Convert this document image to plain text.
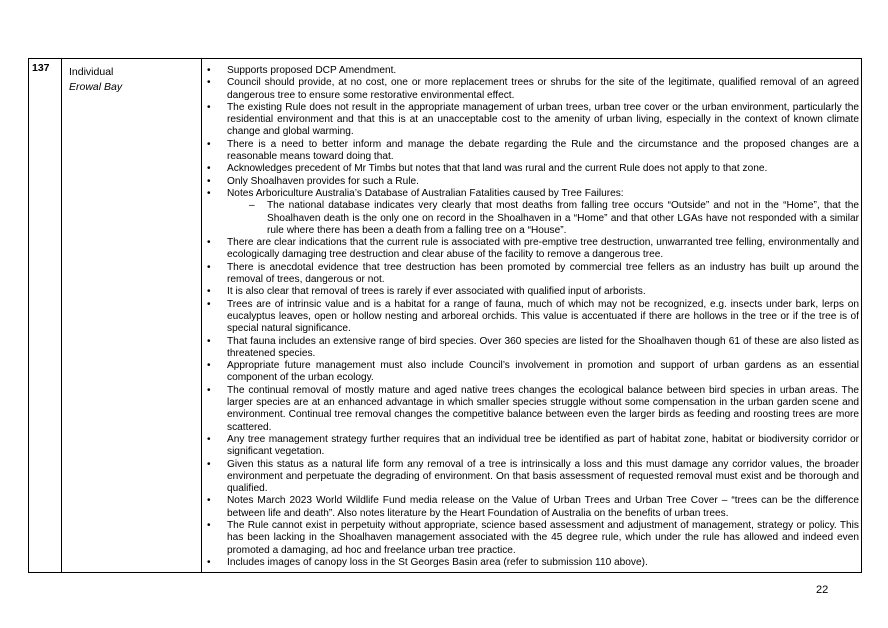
137 Individual
Erowal Bay
• Supports proposed DCP Amendment.
• Council should provide, at no cost, one or more replacement trees or shrubs for the site of the legitimate, qualified removal of an agreed dangerous tree to ensure some restorative environmental effect.
• The existing Rule does not result in the appropriate management of urban trees, urban tree cover or the urban environment, particularly the residential environment and that this is at an unacceptable cost to the amenity of urban living, especially in the context of known climate change and global warming.
• There is a need to better inform and manage the debate regarding the Rule and the circumstance and the proposed changes are a reasonable means toward doing that.
• Acknowledges precedent of Mr Timbs but notes that that land was rural and the current Rule does not apply to that zone.
• Only Shoalhaven provides for such a Rule.
• Notes Arboriculture Australia’s Database of Australian Fatalities caused by Tree Failures:
– The national database indicates very clearly that most deaths from falling tree occurs “Outside” and not in the “Home”, that the Shoalhaven death is the only one on record in the Shoalhaven in a “Home” and that other LGAs have not responded with a similar rule where there has been a death from a falling tree on a “House”.
• There are clear indications that the current rule is associated with pre-emptive tree destruction, unwarranted tree felling, environmentally and ecologically damaging tree destruction and clear abuse of the facility to remove a dangerous tree.
• There is anecdotal evidence that tree destruction has been promoted by commercial tree fellers as an industry has built up around the removal of trees, dangerous or not.
• It is also clear that removal of trees is rarely if ever associated with qualified input of arborists.
• Trees are of intrinsic value and is a habitat for a range of fauna, much of which may not be recognized, e.g. insects under bark, lerps on eucalyptus leaves, open or hollow nesting and arboreal orchids. This value is accentuated if there are hollows in the tree or if the tree is of special natural significance.
• That fauna includes an extensive range of bird species. Over 360 species are listed for the Shoalhaven though 61 of these are also listed as threatened species.
• Appropriate future management must also include Council’s involvement in promotion and support of urban gardens as an essential component of the urban ecology.
• The continual removal of mostly mature and aged native trees changes the ecological balance between bird species in urban areas. The larger species are at an enhanced advantage in which smaller species struggle without some compensation in the urban garden scene and environment. Continual tree removal changes the competitive balance between even the larger birds as feeding and roosting trees are more scattered.
• Any tree management strategy further requires that an individual tree be identified as part of habitat zone, habitat or biodiversity corridor or significant vegetation.
• Given this status as a natural life form any removal of a tree is intrinsically a loss and this must damage any corridor values, the broader environment and perpetuate the degrading of environment. On that basis assessment of requested removal must exist and be thorough and qualified.
• Notes March 2023 World Wildlife Fund media release on the Value of Urban Trees and Urban Tree Cover – “trees can be the difference between life and death”. Also notes literature by the Heart Foundation of Australia on the benefits of urban trees.
• The Rule cannot exist in perpetuity without appropriate, science based assessment and adjustment of management, strategy or policy. This has been lacking in the Shoalhaven management associated with the 45 degree rule, which under the rule has allowed and indeed even promoted a damaging, ad hoc and freelance urban tree practice.
• Includes images of canopy loss in the St Georges Basin area (refer to submission 110 above).
22
